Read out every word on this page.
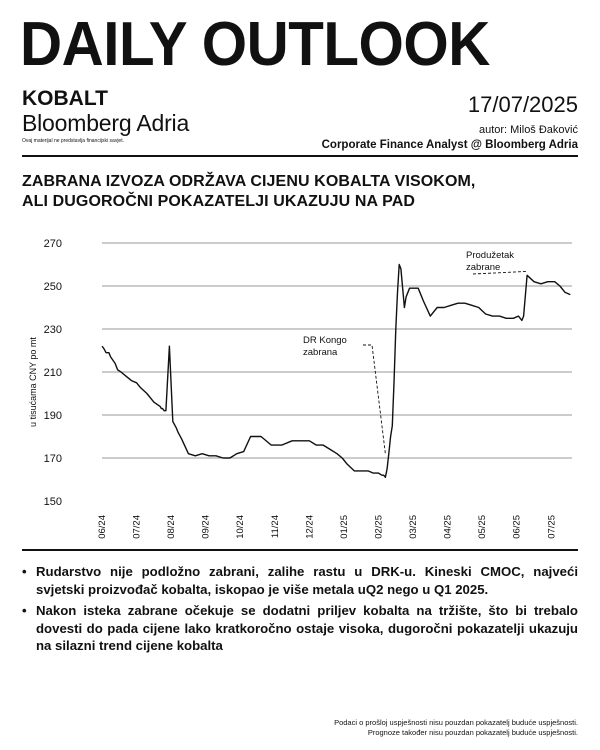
DAILY OUTLOOK
KOBALT
Bloomberg Adria
Ovaj materijal ne predstavlja financijski savjet.
17/07/2025
autor: Miloš Đaković
Corporate Finance Analyst @ Bloomberg Adria
ZABRANA IZVOZA ODRŽAVA CIJENU KOBALTA VISOKOM,
ALI DUGOROČNI POKAZATELJI UKAZUJU NA PAD
150
170
190
210
230
250
270
06/24 07/24 08/24 09/24 10/24 11/24 12/24 01/25 02/25 03/25 04/25 05/25 06/25 07/25
u tisućama CNY po mt	DR Kongo
zabrana
Produžetak
zabrane
• Rudarstvo nije podložno zabrani, zalihe rastu u DRK-u. Kineski CMOC, najveći svjetski proizvođač kobalta, iskopao je više metala uQ2 nego u Q1 2025.
• Nakon isteka zabrane očekuje se dodatni priljev kobalta na tržište, što bi trebalo dovesti do pada cijene lako kratkoročno ostaje visoka, dugoročni pokazatelji ukazuju na silazni trend cijene kobalta
Podaci o prošloj uspješnosti nisu pouzdan pokazatelj buduće uspješnosti.
Prognoze također nisu pouzdan pokazatelj buduće uspješnosti.
